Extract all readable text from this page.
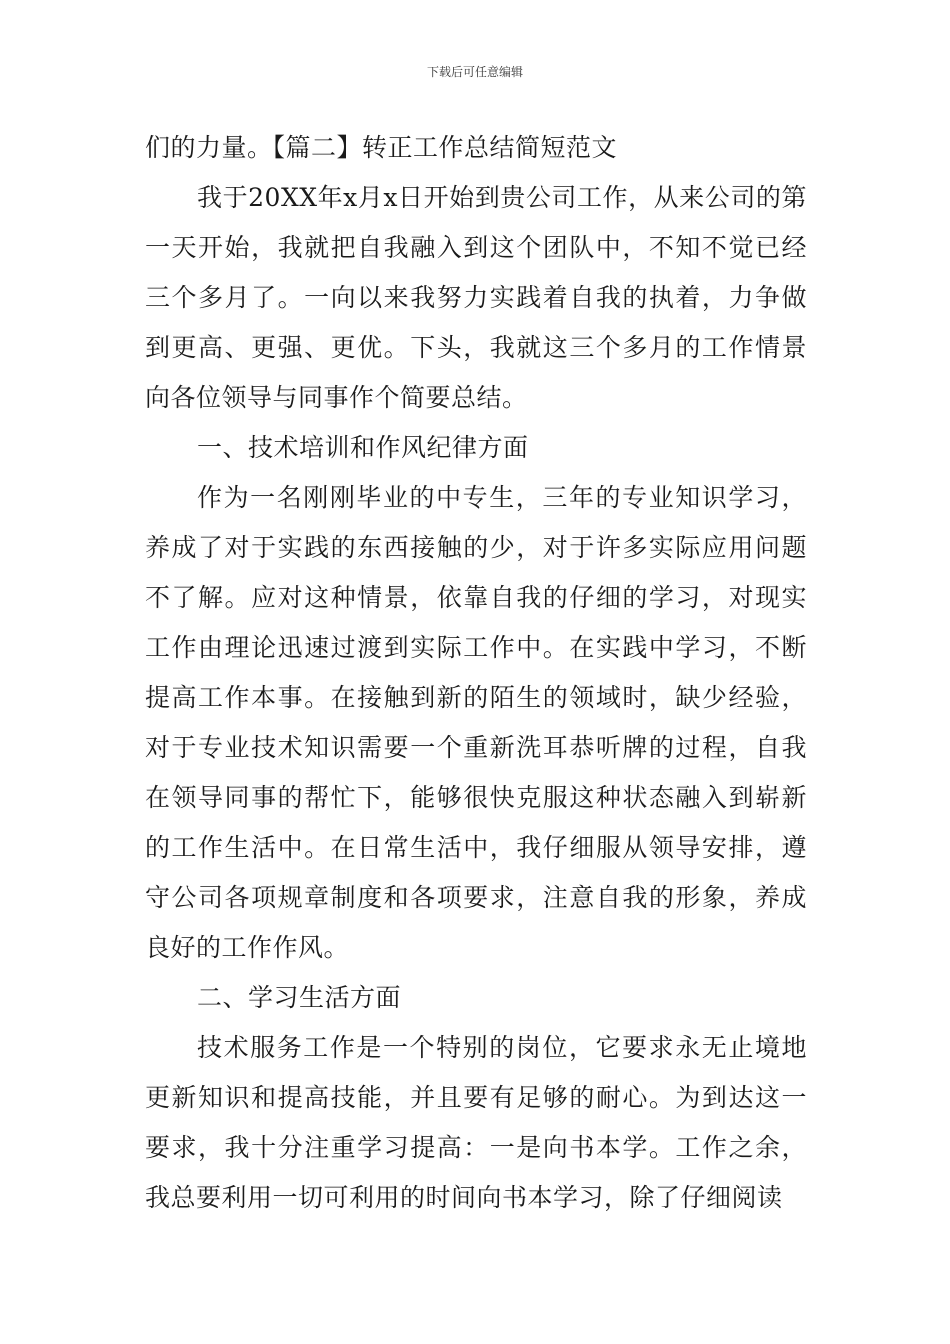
下载后可任意编辑

们的力量。【篇二】转正工作总结简短范文

我于20XX年x月x日开始到贵公司工作，从来公司的第一天开始，我就把自我融入到这个团队中，不知不觉已经三个多月了。一向以来我努力实践着自我的执着，力争做到更高、更强、更优。下头，我就这三个多月的工作情景向各位领导与同事作个简要总结。

一、技术培训和作风纪律方面

作为一名刚刚毕业的中专生，三年的专业知识学习，养成了对于实践的东西接触的少，对于许多实际应用问题不了解。应对这种情景，依靠自我的仔细的学习，对现实工作由理论迅速过渡到实际工作中。在实践中学习，不断提高工作本事。在接触到新的陌生的领域时，缺少经验，对于专业技术知识需要一个重新洗耳恭听牌的过程，自我在领导同事的帮忙下，能够很快克服这种状态融入到崭新的工作生活中。在日常生活中，我仔细服从领导安排，遵守公司各项规章制度和各项要求，注意自我的形象，养成良好的工作作风。

二、学习生活方面

技术服务工作是一个特别的岗位，它要求永无止境地更新知识和提高技能，并且要有足够的耐心。为到达这一要求，我十分注重学习提高：一是向书本学。工作之余，我总要利用一切可利用的时间向书本学习，除了仔细阅读
